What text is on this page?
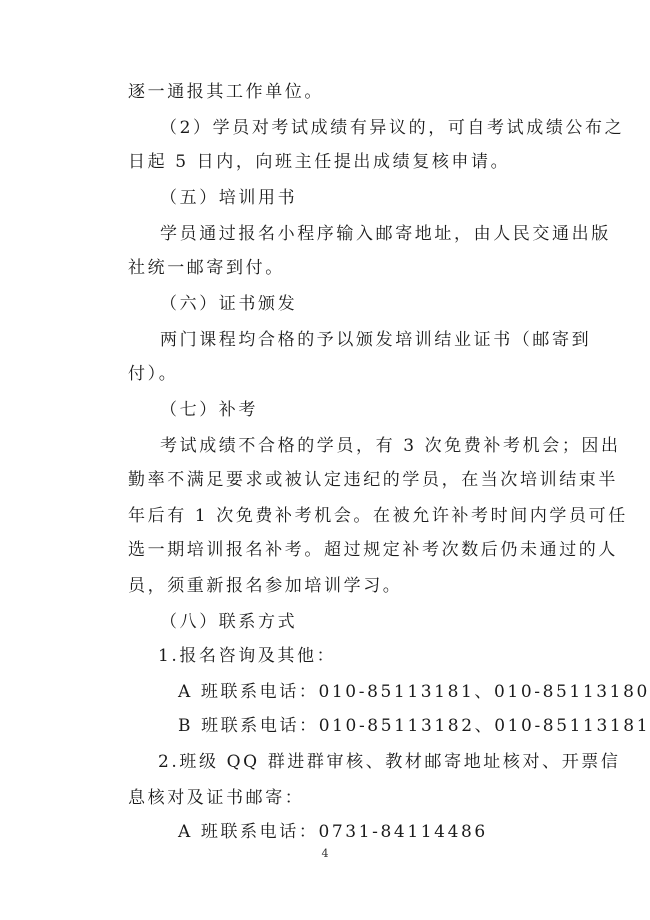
逐一通报其工作单位。
（2）学员对考试成绩有异议的，可自考试成绩公布之
日起 5 日内，向班主任提出成绩复核申请。
（五）培训用书
学员通过报名小程序输入邮寄地址，由人民交通出版
社统一邮寄到付。
（六）证书颁发
两门课程均合格的予以颁发培训结业证书（邮寄到
付）。
（七）补考
考试成绩不合格的学员，有 3 次免费补考机会；因出
勤率不满足要求或被认定违纪的学员，在当次培训结束半
年后有 1 次免费补考机会。在被允许补考时间内学员可任
选一期培训报名补考。超过规定补考次数后仍未通过的人
员，须重新报名参加培训学习。
（八）联系方式
1.报名咨询及其他：
A 班联系电话：010-85113181、010-85113180
B 班联系电话：010-85113182、010-85113181
2.班级 QQ 群进群审核、教材邮寄地址核对、开票信
息核对及证书邮寄：
A 班联系电话：0731-84114486
4
